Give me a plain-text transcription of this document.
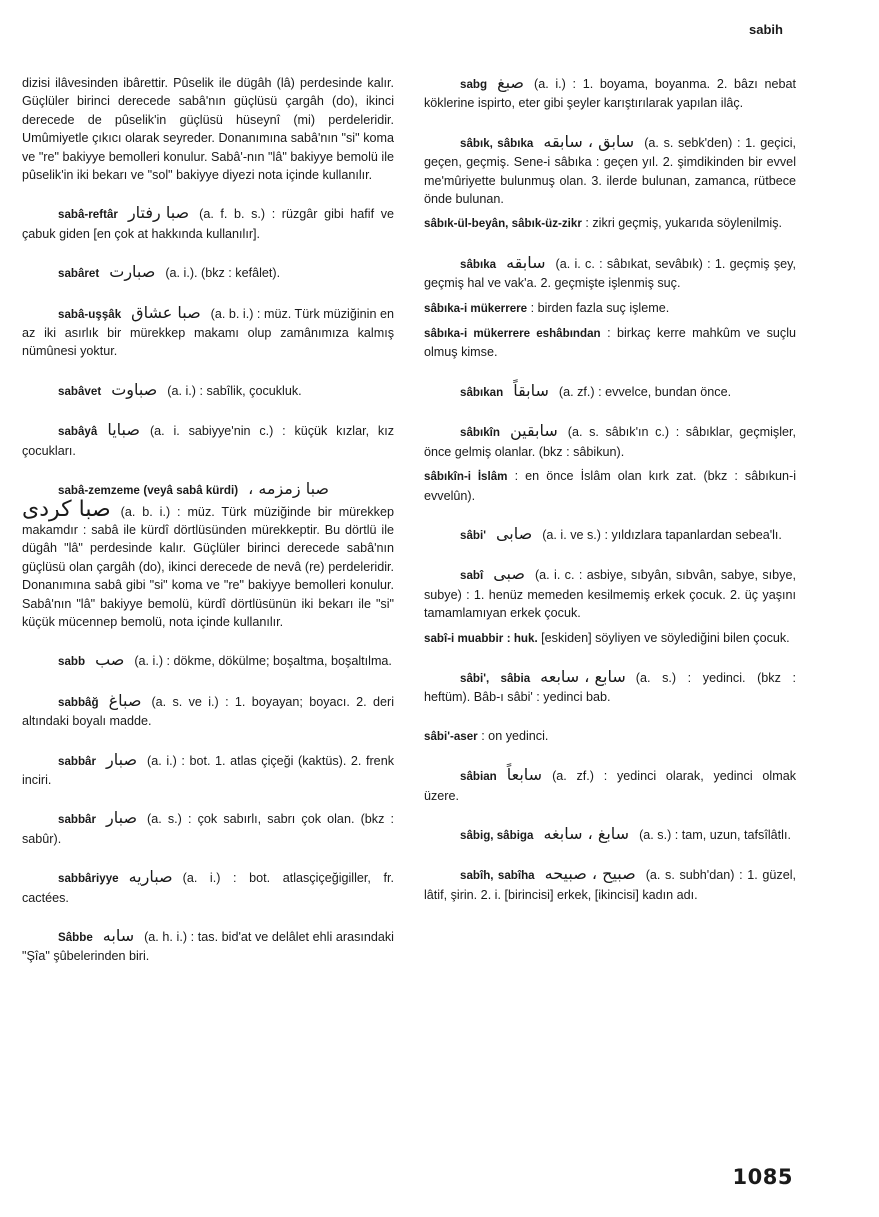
sabih

dizisi ilâvesinden ibârettir. Pûselik ile dügâh (lâ) perdesinde kalır. Güçlüler birinci derecede sabâ'nın güçlüsü çargâh (do), ikinci derecede de pûselik'in güçlüsü hüseynî (mi) perdeleridir. Umûmiyetle çıkıcı olarak seyreder. Donanımına sabâ'nın "si" koma ve "re" bakiyye bemolleri konulur. Sabâ'-nın "lâ" bakiyye bemolü ile pûselik'in iki bekarı ve "sol" bakiyye diyezi nota içinde kullanılır.

sabâ-reftâr صبا رفتار (a. f. b. s.) : rüzgâr gibi hafif ve çabuk giden [en çok at hakkında kullanılır].

sabâret صبارت (a. i.). (bkz : kefâlet).

sabâ-uşşâk صبا عشاق (a. b. i.) : müz. Türk müziğinin en az iki asırlık bir mürekkep makamı olup zamânımıza kalmış nümûnesi yoktur.

sabâvet صباوت (a. i.) : sabîlik, çocukluk.

sabâyâ صبايا (a. i. sabiyye'nin c.) : küçük kızlar, kız çocukları.

sabâ-zemzeme (veyâ sabâ kürdi) صبا زمزمه ،
صبا كردى (a. b. i.) : müz. Türk müziğinde bir mürekkep makamdır : sabâ ile kürdî dörtlüsünden mürekkeptir. Bu dörtlü ile dügâh "lâ" perdesinde kalır. Güçlüler birinci derecede sabâ'nın güçlüsü olan çargâh (do), ikinci derecede de nevâ (re) perdeleridir. Donanımına sabâ gibi "si" koma ve "re" bakiyye bemolleri konulur. Sabâ'nın "lâ" bakiyye bemolü, kürdî dörtlüsünün iki bekarı ile "si" küçük mücennep bemolü, nota içinde kullanılır.

sabb صب (a. i.) : dökme, dökülme; boşaltma, boşaltılma.

sabbâğ صباغ (a. s. ve i.) : 1. boyayan; boyacı. 2. deri altındaki boyalı madde.

sabbâr صبار (a. i.) : bot. 1. atlas çiçeği (kaktüs). 2. frenk inciri.

sabbâr صبار (a. s.) : çok sabırlı, sabrı çok olan. (bkz : sabûr).

sabbâriyye صباريه (a. i.) : bot. atlasçiçeğigiller, fr. cactées.

Sâbbe سابه (a. h. i.) : tas. bid'at ve delâlet ehli arasındaki "Şîa" şûbelerinden biri.

sabg صبغ (a. i.) : 1. boyama, boyanma. 2. bâzı nebat köklerine ispirto, eter gibi şeyler karıştırılarak yapılan ilâç.

sâbık, sâbıka سابق ، سابقه (a. s. sebk'den) : 1. geçici, geçen, geçmiş. Sene-i sâbıka : geçen yıl. 2. şimdikinden bir evvel me'mûriyette bulunmuş olan. 3. ilerde bulunan, zamanca, rütbece önde bulunan.

sâbık-ül-beyân, sâbık-üz-zikr : zikri geçmiş, yukarıda söylenilmiş.

sâbıka سابقه (a. i. c. : sâbıkat, sevâbık) : 1. geçmiş şey, geçmiş hal ve vak'a. 2. geçmişte işlenmiş suç.

sâbıka-i mükerrere : birden fazla suç işleme.

sâbıka-i mükerrere eshâbından : birkaç kerre mahkûm ve suçlu olmuş kimse.

sâbıkan سابقاً (a. zf.) : evvelce, bundan önce.

sâbıkîn سابقين (a. s. sâbık'ın c.) : sâbıklar, geçmişler, önce gelmiş olanlar. (bkz : sâbikun).

sâbıkîn-i İslâm : en önce İslâm olan kırk zat. (bkz : sâbıkun-i evvelûn).

sâbi' صابى (a. i. ve s.) : yıldızlara tapanlardan sebea'lı.

sabî صبى (a. i. c. : asbiye, sıbyân, sıbvân, sabye, sıbye, subye) : 1. henüz memeden kesilmemiş erkek çocuk. 2. üç yaşını tamamlamıyan erkek çocuk.

sabî-i muabbir : huk. [eskiden] söyliyen ve söylediğini bilen çocuk.

sâbi', sâbia سابع ، سابعه (a. s.) : yedinci. (bkz : heftüm). Bâb-ı sâbi' : yedinci bab.

sâbi'-aser : on yedinci.

sâbian سابعاً (a. zf.) : yedinci olarak, yedinci olmak üzere.

sâbig, sâbiga سابغ ، سابغه (a. s.) : tam, uzun, tafsîlâtlı.

sabîh, sabîha صبيح ، صبيحه (a. s. subh'dan) : 1. güzel, lâtif, şirin. 2. i. [birincisi] erkek, [ikincisi] kadın adı.

1085
